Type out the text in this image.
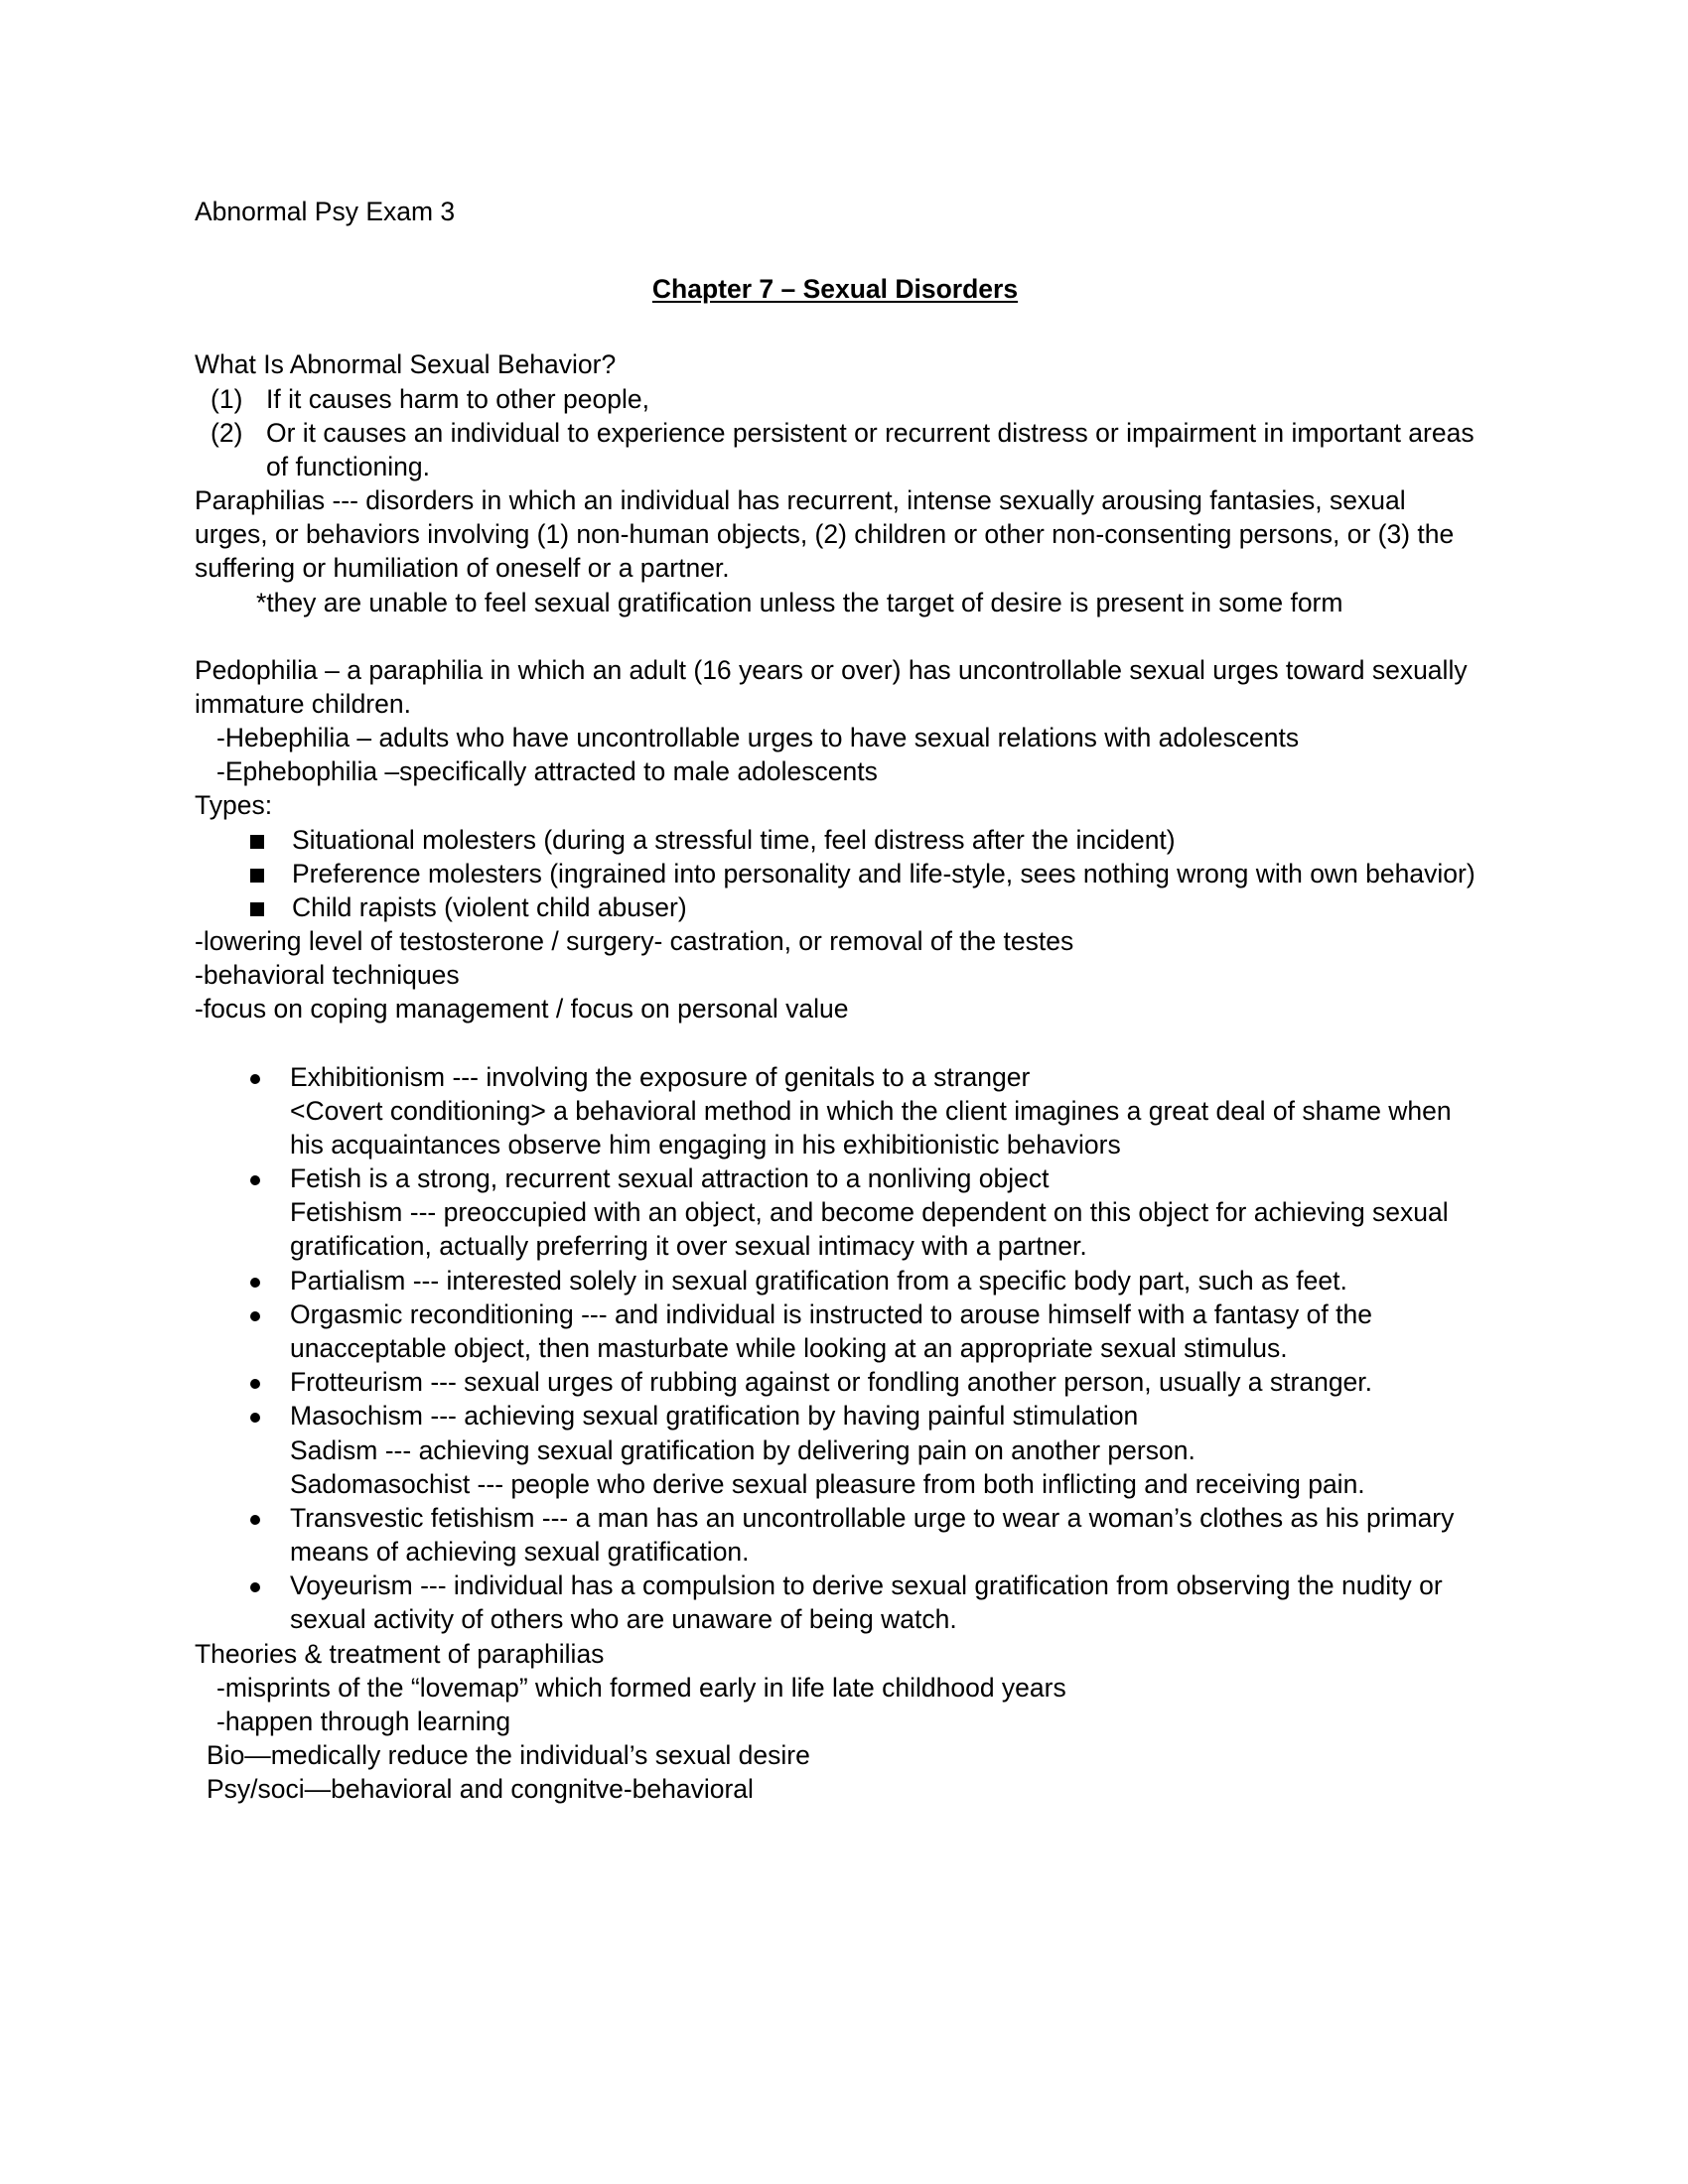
Abnormal Psy Exam 3

Chapter 7 – Sexual Disorders

What Is Abnormal Sexual Behavior?

(1) If it causes harm to other people,
(2) Or it causes an individual to experience persistent or recurrent distress or impairment in important areas of functioning.

Paraphilias --- disorders in which an individual has recurrent, intense sexually arousing fantasies, sexual urges, or behaviors involving (1) non-human objects, (2) children or other non-consenting persons, or (3) the suffering or humiliation of oneself or a partner.

*they are unable to feel sexual gratification unless the target of desire is present in some form

Pedophilia – a paraphilia in which an adult (16 years or over) has uncontrollable sexual urges toward sexually immature children.

-Hebephilia – adults who have uncontrollable urges to have sexual relations with adolescents

-Ephebophilia –specifically attracted to male adolescents

Types:

Situational molesters (during a stressful time, feel distress after the incident)
Preference molesters (ingrained into personality and life-style, sees nothing wrong with own behavior)
Child rapists (violent child abuser)

-lowering level of testosterone / surgery- castration, or removal of the testes

-behavioral techniques

-focus on coping management / focus on personal value

Exhibitionism --- involving the exposure of genitals to a stranger
<Covert conditioning> a behavioral method in which the client imagines a great deal of shame when his acquaintances observe him engaging in his exhibitionistic behaviors
Fetish is a strong, recurrent sexual attraction to a nonliving object
Fetishism --- preoccupied with an object, and become dependent on this object for achieving sexual gratification, actually preferring it over sexual intimacy with a partner.
Partialism --- interested solely in sexual gratification from a specific body part, such as feet.
Orgasmic reconditioning --- and individual is instructed to arouse himself with a fantasy of the unacceptable object, then masturbate while looking at an appropriate sexual stimulus.
Frotteurism --- sexual urges of rubbing against or fondling another person, usually a stranger.
Masochism --- achieving sexual gratification by having painful stimulation
Sadism --- achieving sexual gratification by delivering pain on another person.
Sadomasochist --- people who derive sexual pleasure from both inflicting and receiving pain.
Transvestic fetishism --- a man has an uncontrollable urge to wear a woman’s clothes as his primary means of achieving sexual gratification.
Voyeurism --- individual has a compulsion to derive sexual gratification from observing the nudity or sexual activity of others who are unaware of being watch.

Theories & treatment of paraphilias

-misprints of the “lovemap” which formed early in life late childhood years

-happen through learning

Bio—medically reduce the individual’s sexual desire

Psy/soci—behavioral and congnitve-behavioral
